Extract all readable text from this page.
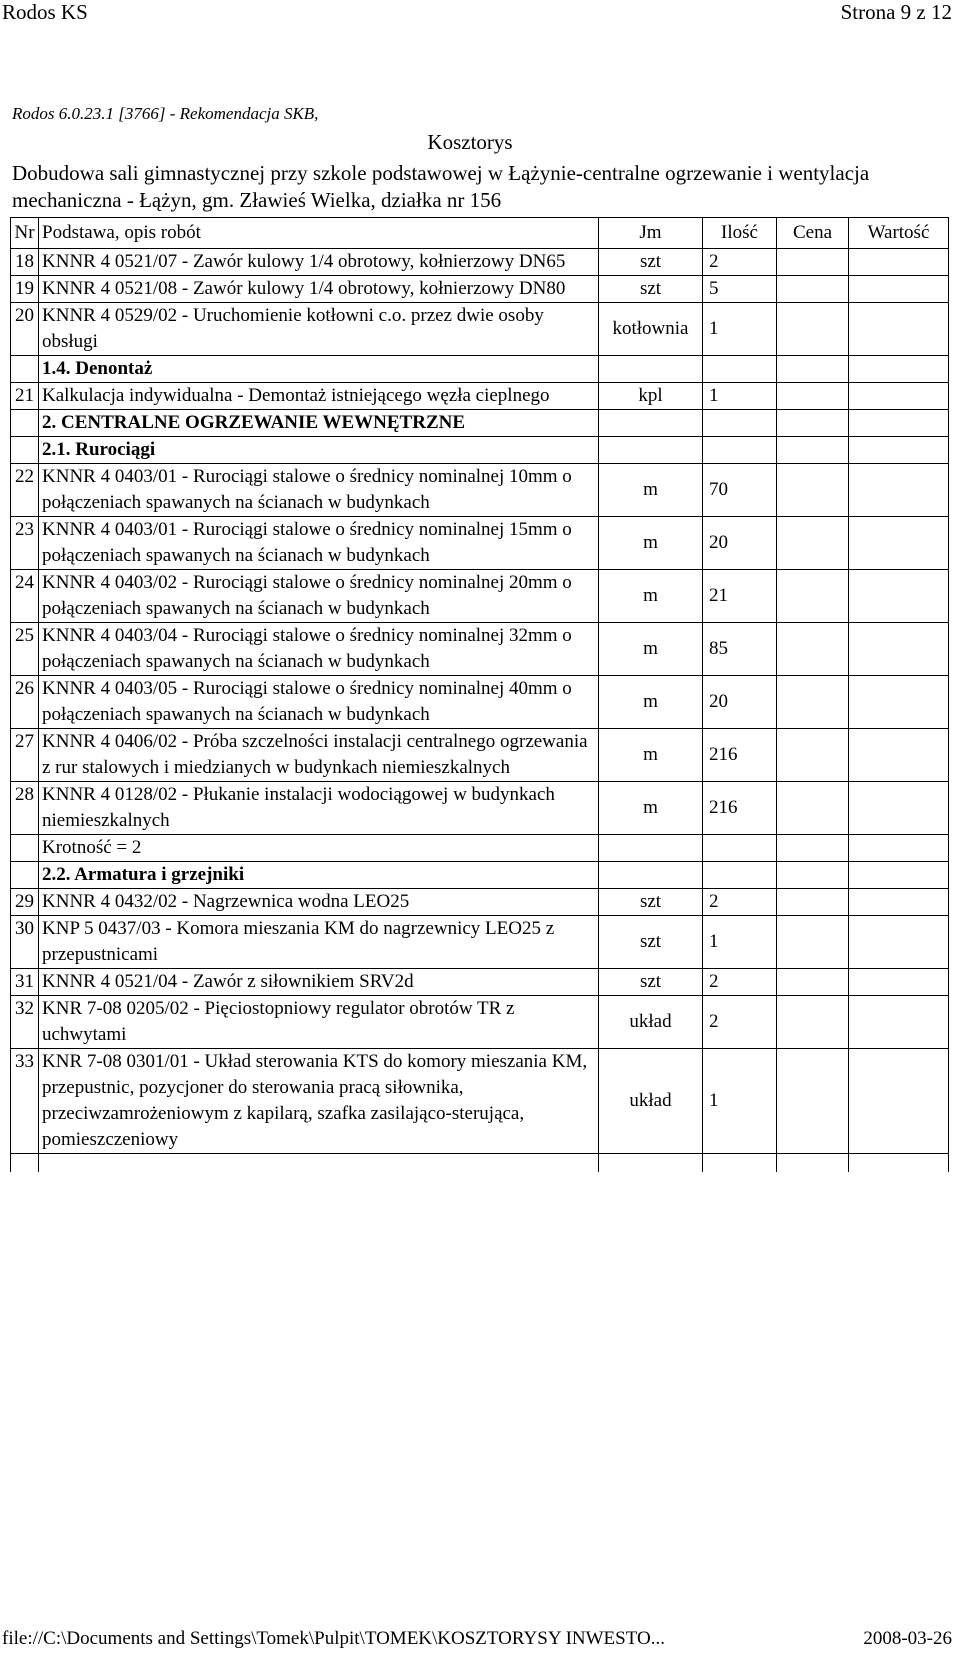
Rodos KS	Strona 9 z 12
Rodos 6.0.23.1 [3766] - Rekomendacja SKB,
Kosztorys
Dobudowa sali gimnastycznej przy szkole podstawowej w Łążynie-centralne ogrzewanie i wentylacja mechaniczna - Łążyn, gm. Zławieś Wielka, działka nr 156
Nr	Podstawa, opis robót	Jm	Ilość	Cena	Wartość
18	KNNR 4 0521/07 - Zawór kulowy 1/4 obrotowy, kołnierzowy DN65	szt	2		
19	KNNR 4 0521/08 - Zawór kulowy 1/4 obrotowy, kołnierzowy DN80	szt	5		
20	KNNR 4 0529/02 - Uruchomienie kotłowni c.o. przez dwie osoby obsługi	kotłownia	1		
	1.4. Denontaż				
21	Kalkulacja indywidualna - Demontaż istniejącego węzła cieplnego	kpl	1		
	2. CENTRALNE OGRZEWANIE WEWNĘTRZNE				
	2.1. Rurociągi				
22	KNNR 4 0403/01 - Rurociągi stalowe o średnicy nominalnej 10mm o połączeniach spawanych na ścianach w budynkach	m	70		
23	KNNR 4 0403/01 - Rurociągi stalowe o średnicy nominalnej 15mm o połączeniach spawanych na ścianach w budynkach	m	20		
24	KNNR 4 0403/02 - Rurociągi stalowe o średnicy nominalnej 20mm o połączeniach spawanych na ścianach w budynkach	m	21		
25	KNNR 4 0403/04 - Rurociągi stalowe o średnicy nominalnej 32mm o połączeniach spawanych na ścianach w budynkach	m	85		
26	KNNR 4 0403/05 - Rurociągi stalowe o średnicy nominalnej 40mm o połączeniach spawanych na ścianach w budynkach	m	20		
27	KNNR 4 0406/02 - Próba szczelności instalacji centralnego ogrzewania z rur stalowych i miedzianych w budynkach niemieszkalnych	m	216		
28	KNNR 4 0128/02 - Płukanie instalacji wodociągowej w budynkach niemieszkalnych	m	216		
	Krotność = 2				
	2.2. Armatura i grzejniki				
29	KNNR 4 0432/02 - Nagrzewnica wodna LEO25	szt	2		
30	KNP 5 0437/03 - Komora mieszania KM do nagrzewnicy LEO25 z przepustnicami	szt	1		
31	KNNR 4 0521/04 - Zawór z siłownikiem SRV2d	szt	2		
32	KNR 7-08 0205/02 - Pięciostopniowy regulator obrotów TR z uchwytami	układ	2		
33	KNR 7-08 0301/01 - Układ sterowania KTS do komory mieszania KM, przepustnic, pozycjoner do sterowania pracą siłownika, przeciwzamrożeniowym z kapilarą, szafka zasilająco-sterująca, pomieszczeniowy	układ	1		

file://C:\Documents and Settings\Tomek\Pulpit\TOMEK\KOSZTORYSY INWESTO...	2008-03-26
